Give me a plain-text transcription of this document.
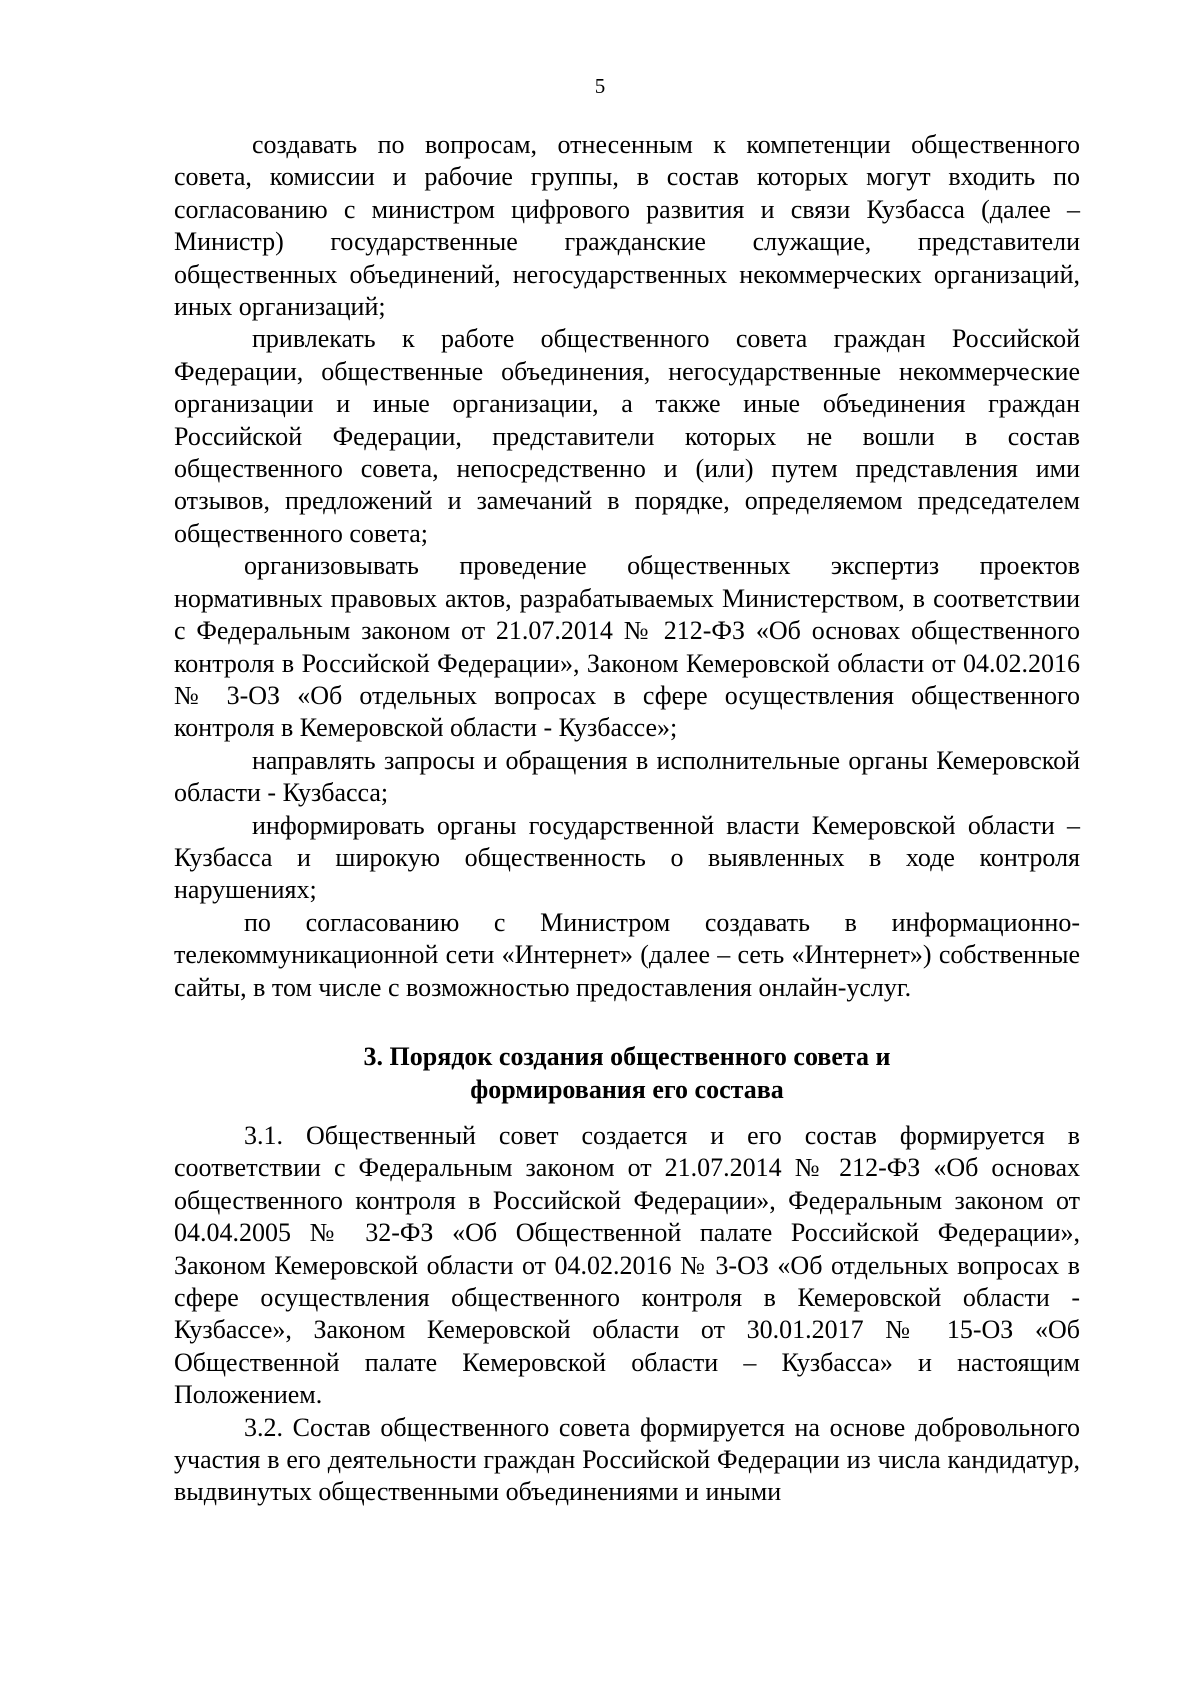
5

создавать по вопросам, отнесенным к компетенции общественного совета, комиссии и рабочие группы, в состав которых могут входить по согласованию с министром цифрового развития и связи Кузбасса (далее – Министр) государственные гражданские служащие, представители общественных объединений, негосударственных некоммерческих организаций, иных организаций;

привлекать к работе общественного совета граждан Российской Федерации, общественные объединения, негосударственные некоммерческие организации и иные организации, а также иные объединения граждан Российской Федерации, представители которых не вошли в состав общественного совета, непосредственно и (или) путем представления ими отзывов, предложений и замечаний в порядке, определяемом председателем общественного совета;

организовывать проведение общественных экспертиз проектов нормативных правовых актов, разрабатываемых Министерством, в соответствии с Федеральным законом от 21.07.2014 № 212-ФЗ «Об основах общественного контроля в Российской Федерации», Законом Кемеровской области от 04.02.2016 № 3-ОЗ «Об отдельных вопросах в сфере осуществления общественного контроля в Кемеровской области - Кузбассе»;

направлять запросы и обращения в исполнительные органы Кемеровской области - Кузбасса;

информировать органы государственной власти Кемеровской области – Кузбасса и широкую общественность о выявленных в ходе контроля нарушениях;

по согласованию с Министром создавать в информационно-телекоммуникационной сети «Интернет» (далее – сеть «Интернет») собственные сайты, в том числе с возможностью предоставления онлайн-услуг.

3. Порядок создания общественного совета и
формирования его состава

3.1. Общественный совет создается и его состав формируется в соответствии с Федеральным законом от 21.07.2014 № 212-ФЗ «Об основах общественного контроля в Российской Федерации», Федеральным законом от 04.04.2005 № 32-ФЗ «Об Общественной палате Российской Федерации», Законом Кемеровской области от 04.02.2016 № 3-ОЗ «Об отдельных вопросах в сфере осуществления общественного контроля в Кемеровской области - Кузбассе», Законом Кемеровской области от 30.01.2017 № 15-ОЗ «Об Общественной палате Кемеровской области – Кузбасса» и настоящим Положением.

3.2. Состав общественного совета формируется на основе добровольного участия в его деятельности граждан Российской Федерации из числа кандидатур, выдвинутых общественными объединениями и иными
